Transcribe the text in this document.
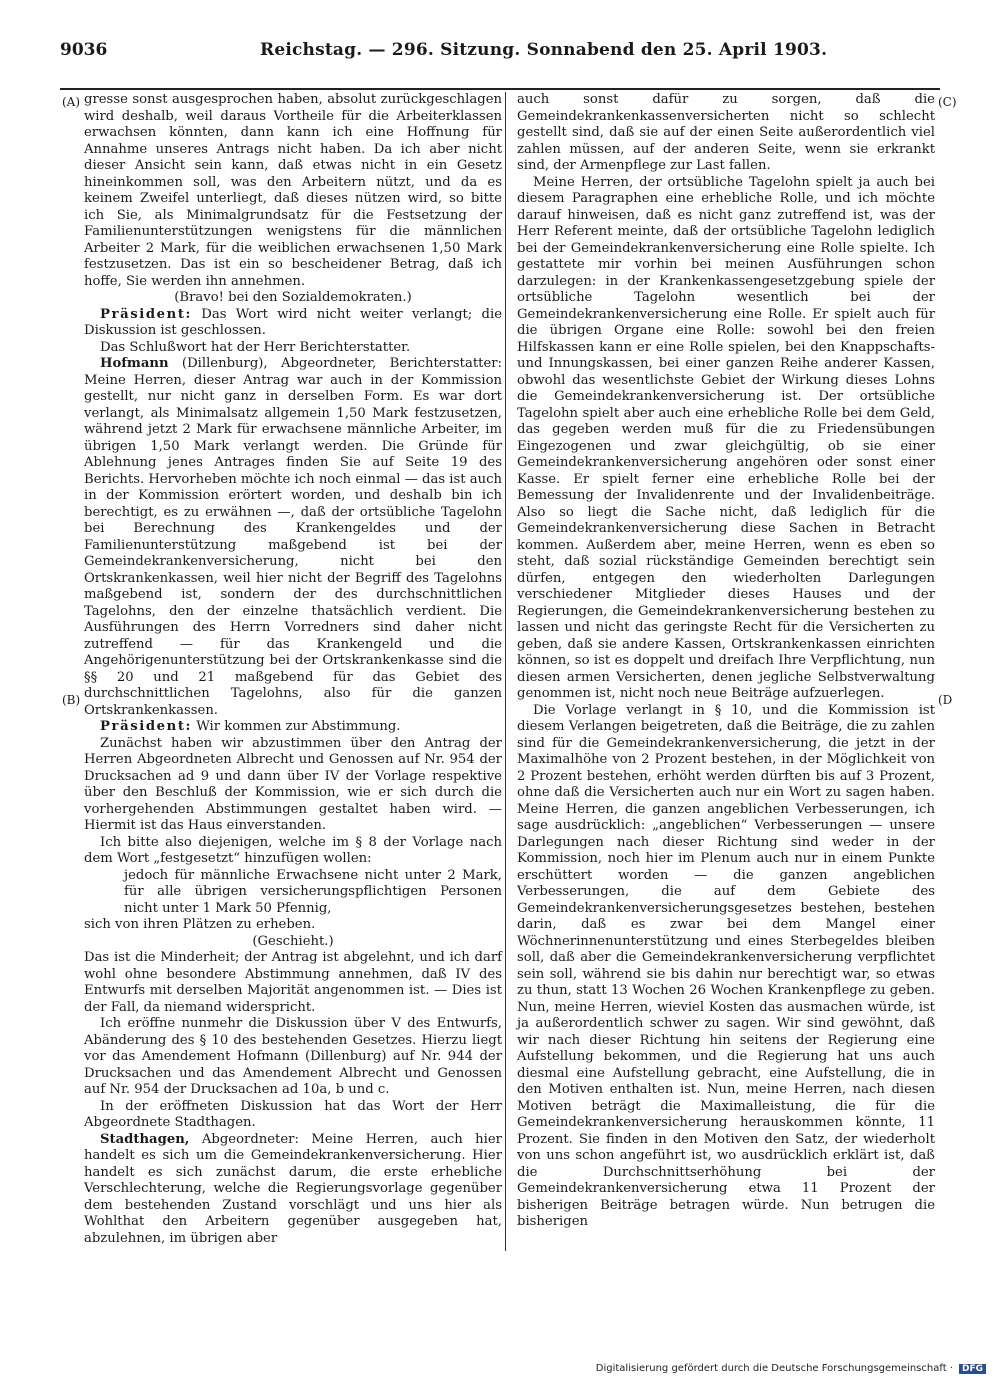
9036	Reichstag. — 296. Sitzung. Sonnabend den 25. April 1903.
(A)
(B)
(C)
(D

gresse sonst ausgesprochen haben, absolut zurückgeschlagen wird deshalb, weil daraus Vortheile für die Arbeiterklassen erwachsen könnten, dann kann ich eine Hoffnung für Annahme unseres Antrags nicht haben. Da ich aber nicht dieser Ansicht sein kann, daß etwas nicht in ein Gesetz hineinkommen soll, was den Arbeitern nützt, und da es keinem Zweifel unterliegt, daß dieses nützen wird, so bitte ich Sie, als Minimalgrundsatz für die Festsetzung der Familienunterstützungen wenigstens für die männlichen Arbeiter 2 Mark, für die weiblichen erwachsenen 1,50 Mark festzusetzen. Das ist ein so bescheidener Betrag, daß ich hoffe, Sie werden ihn annehmen.

(Bravo! bei den Sozialdemokraten.)

Präsident: Das Wort wird nicht weiter verlangt; die Diskussion ist geschlossen.

Das Schlußwort hat der Herr Berichterstatter.

Hofmann (Dillenburg), Abgeordneter, Berichterstatter: Meine Herren, dieser Antrag war auch in der Kommission gestellt, nur nicht ganz in derselben Form. Es war dort verlangt, als Minimalsatz allgemein 1,50 Mark festzusetzen, während jetzt 2 Mark für erwachsene männliche Arbeiter, im übrigen 1,50 Mark verlangt werden. Die Gründe für Ablehnung jenes Antrages finden Sie auf Seite 19 des Berichts. Hervorheben möchte ich noch einmal — das ist auch in der Kommission erörtert worden, und deshalb bin ich berechtigt, es zu erwähnen —, daß der ortsübliche Tagelohn bei Berechnung des Krankengeldes und der Familienunterstützung maßgebend ist bei der Gemeindekrankenversicherung, nicht bei den Ortskrankenkassen, weil hier nicht der Begriff des Tagelohns maßgebend ist, sondern der des durchschnittlichen Tagelohns, den der einzelne thatsächlich verdient. Die Ausführungen des Herrn Vorredners sind daher nicht zutreffend — für das Krankengeld und die Angehörigenunterstützung bei der Ortskrankenkasse sind die §§ 20 und 21 maßgebend für das Gebiet des durchschnittlichen Tagelohns, also für die ganzen Ortskrankenkassen.

Präsident: Wir kommen zur Abstimmung.

Zunächst haben wir abzustimmen über den Antrag der Herren Abgeordneten Albrecht und Genossen auf Nr. 954 der Drucksachen ad 9 und dann über IV der Vorlage respektive über den Beschluß der Kommission, wie er sich durch die vorhergehenden Abstimmungen gestaltet haben wird. — Hiermit ist das Haus einverstanden.

Ich bitte also diejenigen, welche im § 8 der Vorlage nach dem Wort „festgesetzt“ hinzufügen wollen:

jedoch für männliche Erwachsene nicht unter 2 Mark, für alle übrigen versicherungspflichtigen Personen nicht unter 1 Mark 50 Pfennig,

sich von ihren Plätzen zu erheben.

(Geschieht.)

Das ist die Minderheit; der Antrag ist abgelehnt, und ich darf wohl ohne besondere Abstimmung annehmen, daß IV des Entwurfs mit derselben Majorität angenommen ist. — Dies ist der Fall, da niemand widerspricht.

Ich eröffne nunmehr die Diskussion über V des Entwurfs, Abänderung des § 10 des bestehenden Gesetzes. Hierzu liegt vor das Amendement Hofmann (Dillenburg) auf Nr. 944 der Drucksachen und das Amendement Albrecht und Genossen auf Nr. 954 der Drucksachen ad 10a, b und c.

In der eröffneten Diskussion hat das Wort der Herr Abgeordnete Stadthagen.

Stadthagen, Abgeordneter: Meine Herren, auch hier handelt es sich um die Gemeindekrankenversicherung. Hier handelt es sich zunächst darum, die erste erhebliche Verschlechterung, welche die Regierungsvorlage gegenüber dem bestehenden Zustand vorschlägt und uns hier als Wohlthat den Arbeitern gegenüber ausgegeben hat, abzulehnen, im übrigen aber

auch sonst dafür zu sorgen, daß die Gemeindekrankenkassenversicherten nicht so schlecht gestellt sind, daß sie auf der einen Seite außerordentlich viel zahlen müssen, auf der anderen Seite, wenn sie erkrankt sind, der Armenpflege zur Last fallen.

Meine Herren, der ortsübliche Tagelohn spielt ja auch bei diesem Paragraphen eine erhebliche Rolle, und ich möchte darauf hinweisen, daß es nicht ganz zutreffend ist, was der Herr Referent meinte, daß der ortsübliche Tagelohn lediglich bei der Gemeindekrankenversicherung eine Rolle spielte. Ich gestattete mir vorhin bei meinen Ausführungen schon darzulegen: in der Krankenkassengesetzgebung spiele der ortsübliche Tagelohn wesentlich bei der Gemeindekrankenversicherung eine Rolle. Er spielt auch für die übrigen Organe eine Rolle: sowohl bei den freien Hilfskassen kann er eine Rolle spielen, bei den Knappschafts- und Innungskassen, bei einer ganzen Reihe anderer Kassen, obwohl das wesentlichste Gebiet der Wirkung dieses Lohns die Gemeindekrankenversicherung ist. Der ortsübliche Tagelohn spielt aber auch eine erhebliche Rolle bei dem Geld, das gegeben werden muß für die zu Friedensübungen Eingezogenen und zwar gleichgültig, ob sie einer Gemeindekrankenversicherung angehören oder sonst einer Kasse. Er spielt ferner eine erhebliche Rolle bei der Bemessung der Invalidenrente und der Invalidenbeiträge. Also so liegt die Sache nicht, daß lediglich für die Gemeindekrankenversicherung diese Sachen in Betracht kommen. Außerdem aber, meine Herren, wenn es eben so steht, daß sozial rückständige Gemeinden berechtigt sein dürfen, entgegen den wiederholten Darlegungen verschiedener Mitglieder dieses Hauses und der Regierungen, die Gemeindekrankenversicherung bestehen zu lassen und nicht das geringste Recht für die Versicherten zu geben, daß sie andere Kassen, Ortskrankenkassen einrichten können, so ist es doppelt und dreifach Ihre Verpflichtung, nun diesen armen Versicherten, denen jegliche Selbstverwaltung genommen ist, nicht noch neue Beiträge aufzuerlegen.

Die Vorlage verlangt in § 10, und die Kommission ist diesem Verlangen beigetreten, daß die Beiträge, die zu zahlen sind für die Gemeindekrankenversicherung, die jetzt in der Maximalhöhe von 2 Prozent bestehen, in der Möglichkeit von 2 Prozent bestehen, erhöht werden dürften bis auf 3 Prozent, ohne daß die Versicherten auch nur ein Wort zu sagen haben. Meine Herren, die ganzen angeblichen Verbesserungen, ich sage ausdrücklich: „angeblichen“ Verbesserungen — unsere Darlegungen nach dieser Richtung sind weder in der Kommission, noch hier im Plenum auch nur in einem Punkte erschüttert worden — die ganzen angeblichen Verbesserungen, die auf dem Gebiete des Gemeindekrankenversicherungsgesetzes bestehen, bestehen darin, daß es zwar bei dem Mangel einer Wöchnerinnenunterstützung und eines Sterbegeldes bleiben soll, daß aber die Gemeindekrankenversicherung verpflichtet sein soll, während sie bis dahin nur berechtigt war, so etwas zu thun, statt 13 Wochen 26 Wochen Krankenpflege zu geben. Nun, meine Herren, wieviel Kosten das ausmachen würde, ist ja außerordentlich schwer zu sagen. Wir sind gewöhnt, daß wir nach dieser Richtung hin seitens der Regierung eine Aufstellung bekommen, und die Regierung hat uns auch diesmal eine Aufstellung gebracht, eine Aufstellung, die in den Motiven enthalten ist. Nun, meine Herren, nach diesen Motiven beträgt die Maximalleistung, die für die Gemeindekrankenversicherung herauskommen könnte, 11 Prozent. Sie finden in den Motiven den Satz, der wiederholt von uns schon angeführt ist, wo ausdrücklich erklärt ist, daß die Durchschnittserhöhung bei der Gemeindekrankenversicherung etwa 11 Prozent der bisherigen Beiträge betragen würde. Nun betrugen die bisherigen

Digitalisierung gefördert durch die Deutsche Forschungsgemeinschaft · DFG
